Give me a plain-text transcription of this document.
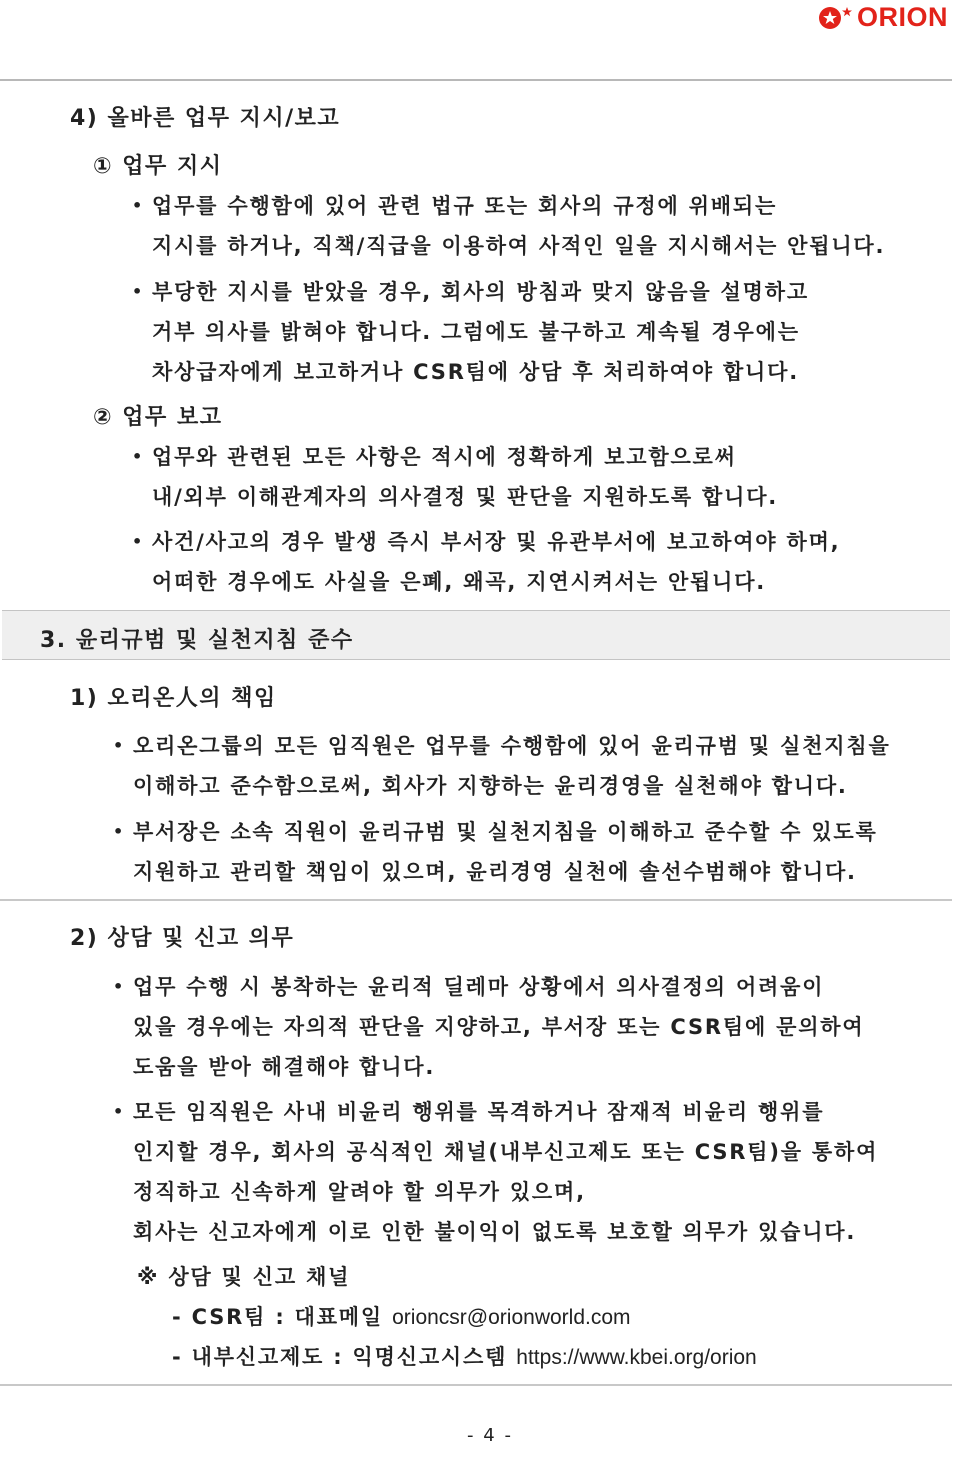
ORION
4) 올바른 업무 지시/보고
① 업무 지시
• 업무를 수행함에 있어 관련 법규 또는 회사의 규정에 위배되는
지시를 하거나, 직책/직급을 이용하여 사적인 일을 지시해서는 안됩니다.
• 부당한 지시를 받았을 경우, 회사의 방침과 맞지 않음을 설명하고
거부 의사를 밝혀야 합니다. 그럼에도 불구하고 계속될 경우에는
차상급자에게 보고하거나 CSR팀에 상담 후 처리하여야 합니다.
② 업무 보고
• 업무와 관련된 모든 사항은 적시에 정확하게 보고함으로써
내/외부 이해관계자의 의사결정 및 판단을 지원하도록 합니다.
• 사건/사고의 경우 발생 즉시 부서장 및 유관부서에 보고하여야 하며,
어떠한 경우에도 사실을 은폐, 왜곡, 지연시켜서는 안됩니다.
3. 윤리규범 및 실천지침 준수
1) 오리온人의 책임
• 오리온그룹의 모든 임직원은 업무를 수행함에 있어 윤리규범 및 실천지침을
이해하고 준수함으로써, 회사가 지향하는 윤리경영을 실천해야 합니다.
• 부서장은 소속 직원이 윤리규범 및 실천지침을 이해하고 준수할 수 있도록
지원하고 관리할 책임이 있으며, 윤리경영 실천에 솔선수범해야 합니다.
2) 상담 및 신고 의무
• 업무 수행 시 봉착하는 윤리적 딜레마 상황에서 의사결정의 어려움이
있을 경우에는 자의적 판단을 지양하고, 부서장 또는 CSR팀에 문의하여
도움을 받아 해결해야 합니다.
• 모든 임직원은 사내 비윤리 행위를 목격하거나 잠재적 비윤리 행위를
인지할 경우, 회사의 공식적인 채널(내부신고제도 또는 CSR팀)을 통하여
정직하고 신속하게 알려야 할 의무가 있으며,
회사는 신고자에게 이로 인한 불이익이 없도록 보호할 의무가 있습니다.
※ 상담 및 신고 채널
- CSR팀 : 대표메일 orioncsr@orionworld.com
- 내부신고제도 : 익명신고시스템 https://www.kbei.org/orion
- 4 -
